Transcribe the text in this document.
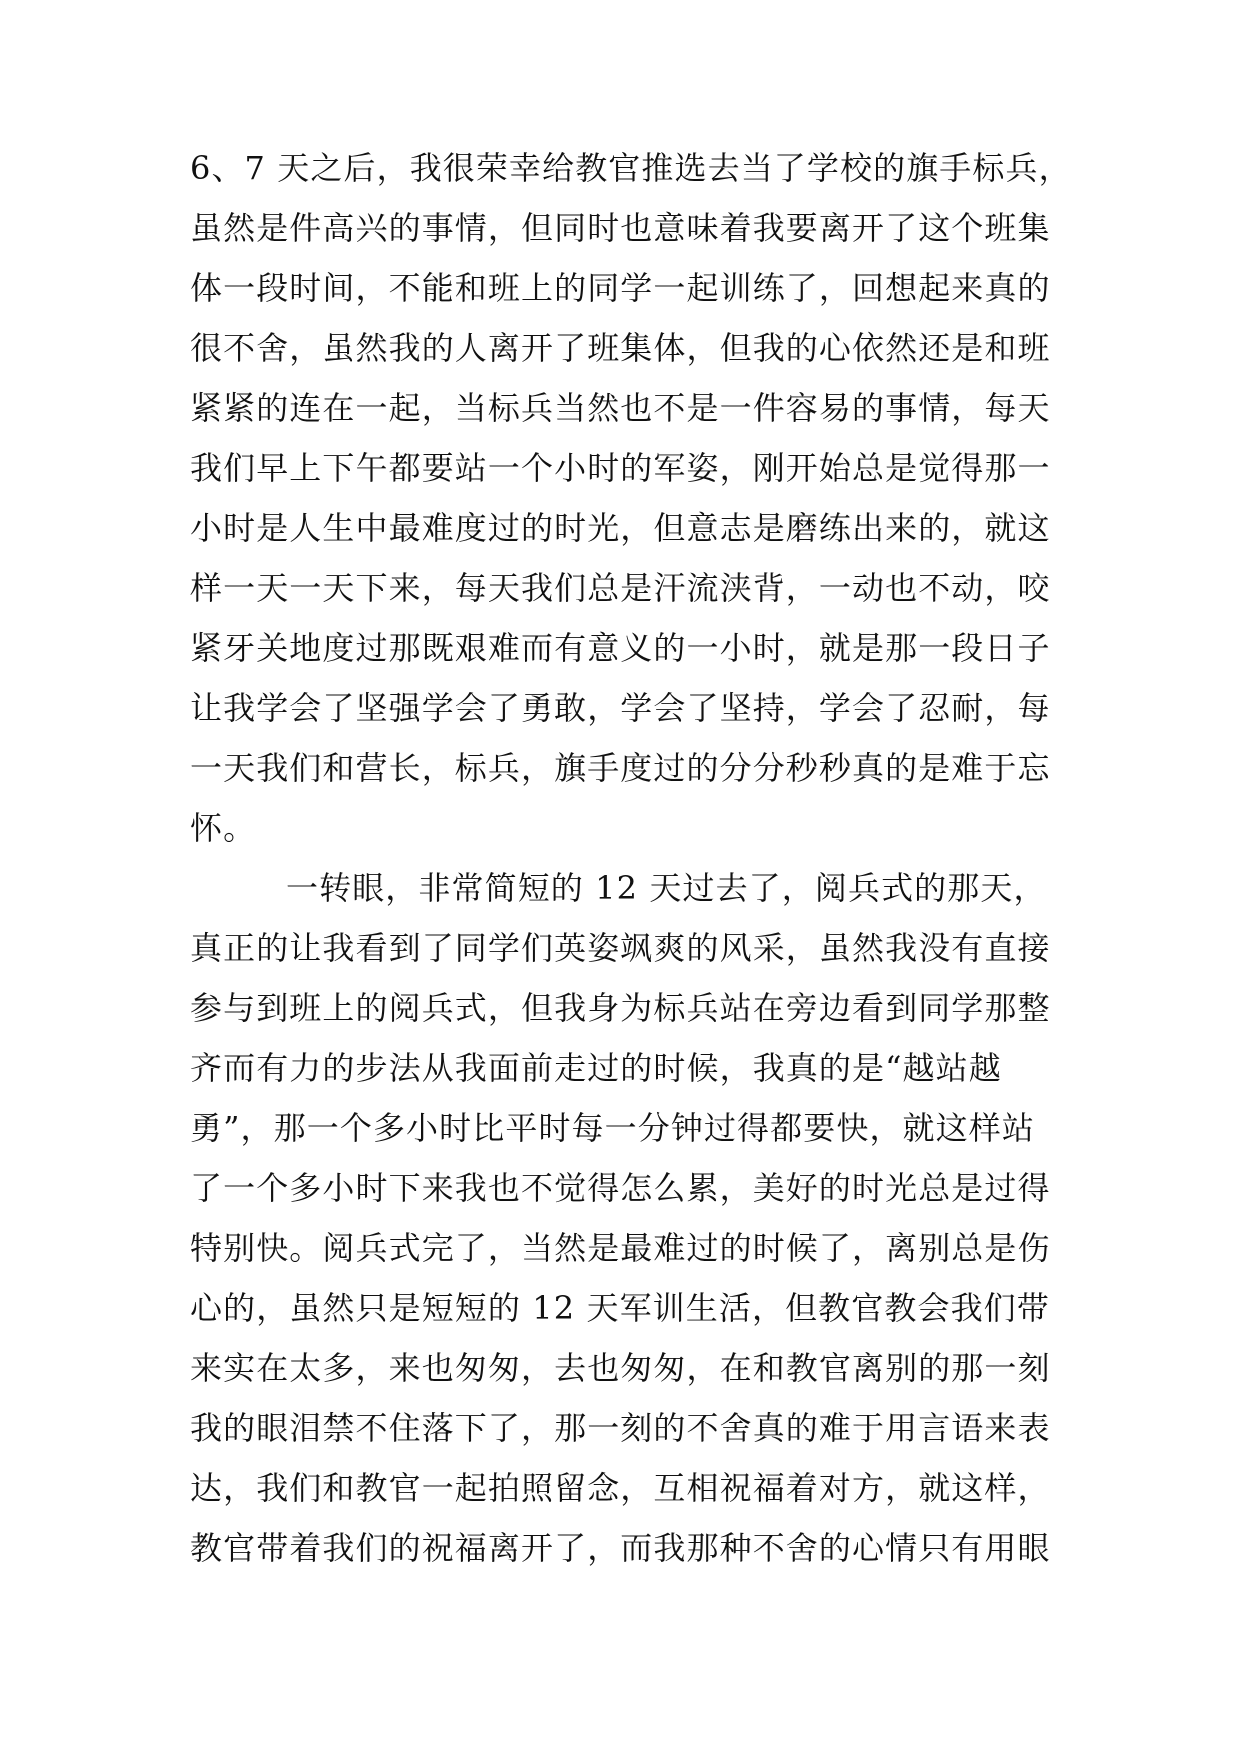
6、7 天之后，我很荣幸给教官推选去当了学校的旗手标兵，
虽然是件高兴的事情，但同时也意味着我要离开了这个班集
体一段时间，不能和班上的同学一起训练了，回想起来真的
很不舍，虽然我的人离开了班集体，但我的心依然还是和班
紧紧的连在一起，当标兵当然也不是一件容易的事情，每天
我们早上下午都要站一个小时的军姿，刚开始总是觉得那一
小时是人生中最难度过的时光，但意志是磨练出来的，就这
样一天一天下来，每天我们总是汗流浃背，一动也不动，咬
紧牙关地度过那既艰难而有意义的一小时，就是那一段日子
让我学会了坚强学会了勇敢，学会了坚持，学会了忍耐，每
一天我们和营长，标兵，旗手度过的分分秒秒真的是难于忘
怀。
一转眼，非常简短的 12 天过去了，阅兵式的那天，
真正的让我看到了同学们英姿飒爽的风采，虽然我没有直接
参与到班上的阅兵式，但我身为标兵站在旁边看到同学那整
齐而有力的步法从我面前走过的时候，我真的是“越站越
勇”，那一个多小时比平时每一分钟过得都要快，就这样站
了一个多小时下来我也不觉得怎么累，美好的时光总是过得
特别快。阅兵式完了，当然是最难过的时候了，离别总是伤
心的，虽然只是短短的 12 天军训生活，但教官教会我们带
来实在太多，来也匆匆，去也匆匆，在和教官离别的那一刻
我的眼泪禁不住落下了，那一刻的不舍真的难于用言语来表
达，我们和教官一起拍照留念，互相祝福着对方，就这样，
教官带着我们的祝福离开了，而我那种不舍的心情只有用眼
